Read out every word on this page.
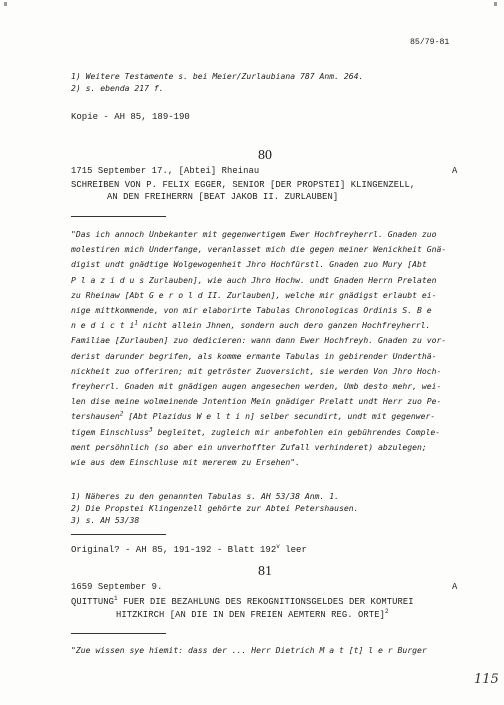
85/79-81
1) Weitere Testamente s. bei Meier/Zurlaubiana 787 Anm. 264.
2) s. ebenda 217 f.
Kopie - AH 85, 189-190
80
1715 September 17., [Abtei] Rheinau	A
SCHREIBEN VON P. FELIX EGGER, SENIOR [DER PROPSTEI] KLINGENZELL,
AN DEN FREIHERRN [BEAT JAKOB II. ZURLAUBEN]
"Das ich annoch Unbekanter mit gegenwertigem Ewer Hochfreyherrl. Gnaden zuo
molestiren mich Underfange, veranlasset mich die gegen meiner Wenickheit Gnä-
digist undt gnädtige Wolgewogenheit Jhro Hochfürstl. Gnaden zuo Mury [Abt
P l a z i d u s Zurlauben], wie auch Jhro Hochw. undt Gnaden Herrn Prelaten
zu Rheinaw [Abt G e r o l d II. Zurlauben], welche mir gnädigst erlaubt ei-
nige mittkommende, von mir elaborirte Tabulas Chronologicas Ordinis S. B e
n e d i c t $i^1$ nicht allein Jhnen, sondern auch dero ganzen Hochfreyherrl.
Familiae [Zurlauben] zuo dedicieren: wann dann Ewer Hochfreyh. Gnaden zu vor-
derist darunder begrifen, als komme ermante Tabulas in gebirender Underthä-
nickheit zuo offeriren; mit getröster Zuoversicht, sie werden Von Jhro Hoch-
freyherrl. Gnaden mit gnädigen augen angesechen werden, Umb desto mehr, wei-
len dise meine wolmeinende Jntention Mein gnädiger Prelatt undt Herr zuo Pe-
tershausen$^2$ [Abt Plazidus W e l t i n] selber secundirt, undt mit gegenwer-
tigem Einschluss$^3$ begleitet, zugleich mir anbefohlen ein gebührendes Comple-
ment persöhnlich (so aber ein unverhoffter Zufall verhinderet) abzulegen;
wie aus dem Einschluse mit mererem zu Ersehen".
1) Näheres zu den genannten Tabulas s. AH 53/38 Anm. 1.
2) Die Propstei Klingenzell gehörte zur Abtei Petershausen.
3) s. AH 53/38
Original? - AH 85, 191-192 - Blatt 192$^v$ leer
81
1659 September 9.	A
QUITTUNG$^1$ FUER DIE BEZAHLUNG DES REKOGNITIONSGELDES DER KOMTUREI
HITZKIRCH [AN DIE IN DEN FREIEN AEMTERN REG. ORTE]$^2$
"Zue wissen sye hiemit: dass der ... Herr Dietrich M a t [t] l e r Burger
115
